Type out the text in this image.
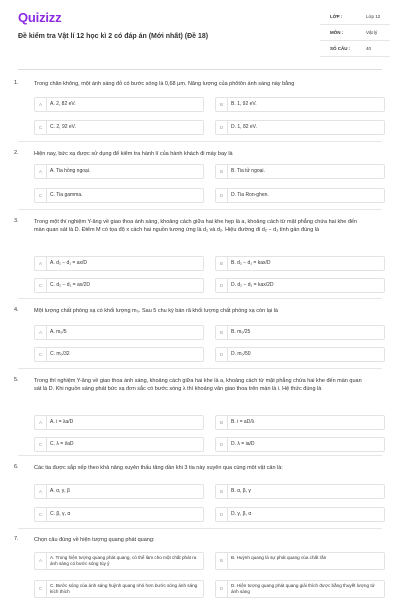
Quizizz
Đề kiểm tra Vật lí 12 học kì 2 có đáp án (Mới nhất) (Đề 18)
LỚP :	Lớp 12
MÔN :	Vật lý
SỐ CÂU :	40
1.	Trong chân không, một ánh sáng đỏ có bước sóng là 0,68 μm. Năng lượng của phôtôn ánh sáng này bằng
A	A. 2, 82 eV.	B	B. 1, 92 eV.
C	C. 2, 92 eV.	D	D. 1, 82 eV.
2.	Hiện nay, bức xạ được sử dụng để kiểm tra hành lí của hành khách đi máy bay là
A	A. Tia hồng ngoại.	B	B. Tia tử ngoại.
C	C. Tia gamma.	D	D. Tia Ron-ghen.
3.	Trong một thí nghiệm Y-âng về giao thoa ánh sáng, khoảng cách giữa hai khe hẹp là a, khoảng cách từ mặt phẳng chứa hai khe đến màn quan sát là D. Điểm M có tọa độ x cách hai nguồn tương ứng là d₁ và d₂. Hiệu đường đi d₂ − d₁ tính gần đúng là
A	A. d₂ − d₁ = ax/D	B	B. d₂ − d₁ = kax/D
C	C. d₂ − d₁ = ax/2D	D	D. d₂ − d₁ = kax/2D
4.	Một lượng chất phóng xạ có khối lượng m₀. Sau 5 chu kỳ bán rã khối lượng chất phóng xạ còn lại là
A	A. m₀/5	B	B. m₀/25
C	C. m₀/32	D	D. m₀/50
5.	Trong thí nghiệm Y-âng về giao thoa ánh sáng, khoảng cách giữa hai khe là a, khoảng cách từ mặt phẳng chứa hai khe đến màn quan sát là D. Khi nguồn sáng phát bức xạ đơn sắc có bước sóng λ thì khoảng vân giao thoa trên màn là i. Hệ thức đúng là
A	A. i = λa/D	B	B. i = aD/λ
C	C. λ = i/aD	D	D. λ = ia/D
6.	Các tia được sắp xếp theo khả năng xuyên thấu tăng dần khi 3 tia này xuyên qua cùng một vật cản là:
A	A. α, γ, β	B	B. α, β, γ
C	C. β, γ, α	D	D. γ, β, α
7.	Chọn câu đúng về hiện tượng quang phát quang:
A
A. Trong hiện tượng quang phát quang, có thể làm cho một chất phát ra ánh sáng có bước sóng tùy ý
B
B. Huỳnh quang là sự phát quang của chất rắn
C
C. Bước sóng của ánh sáng huỳnh quang nhỏ hơn bước sóng ánh sáng kích thích
D
D. Hiện tượng quang phát quang giải thích được bằng thuyết lượng tử ánh sáng
